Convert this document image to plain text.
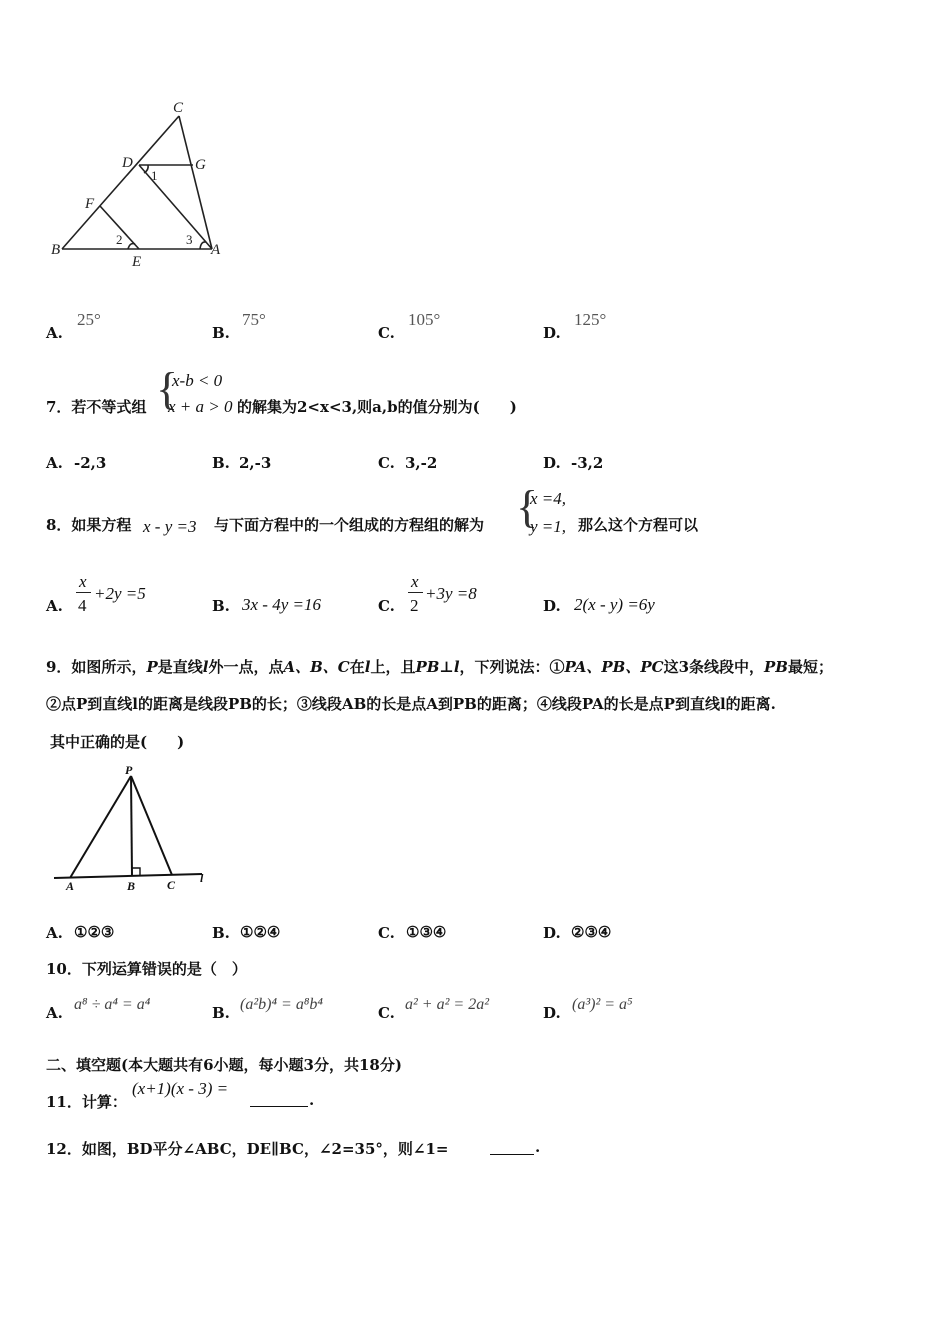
C
D	G
F
B	A
E
1
2	3
A.
25°
B.
75°
C.
105°
D.
125°
7．若不等式组 {
x-b < 0
x + a > 0 的解集为2<x<3,则a,b的值分别为(　　)
A. -2,3	B. 2,-3	C. 3,-2	D. -3,2
8．如果方程 x - y =3 与下面方程中的一个组成的方程组的解为 {
x =4,
y =1, 那么这个方程可以
A.
x
4
+2y =5
B. 3x - 4y =16	C.
x
2
+3y =8
D. 2(x - y) =6y
9．如图所示，P是直线l外一点，点A、B、C在l上，且PB⊥l，下列说法：①PA、PB、PC这3条线段中，PB最短；
②点P到直线l的距离是线段PB的长；③线段AB的长是点A到PB的距离；④线段PA的长是点P到直线l的距离.
其中正确的是(　　)
P
A	B	C l
A. ①②③	B. ①②④	C. ①③④	D. ②③④
10．下列运算错误的是（　）
A. a⁸ ÷ a⁴ = a⁴	B. (a²b)⁴ = a⁸b⁴	C. a² + a² = 2a²	D. (a³)² = a⁵
二、填空题(本大题共有6小题，每小题3分，共18分)
11．计算：
(x+1)(x - 3) =
.
12．如图，BD平分∠ABC，DE∥BC，∠2=35°，则∠1=	.
